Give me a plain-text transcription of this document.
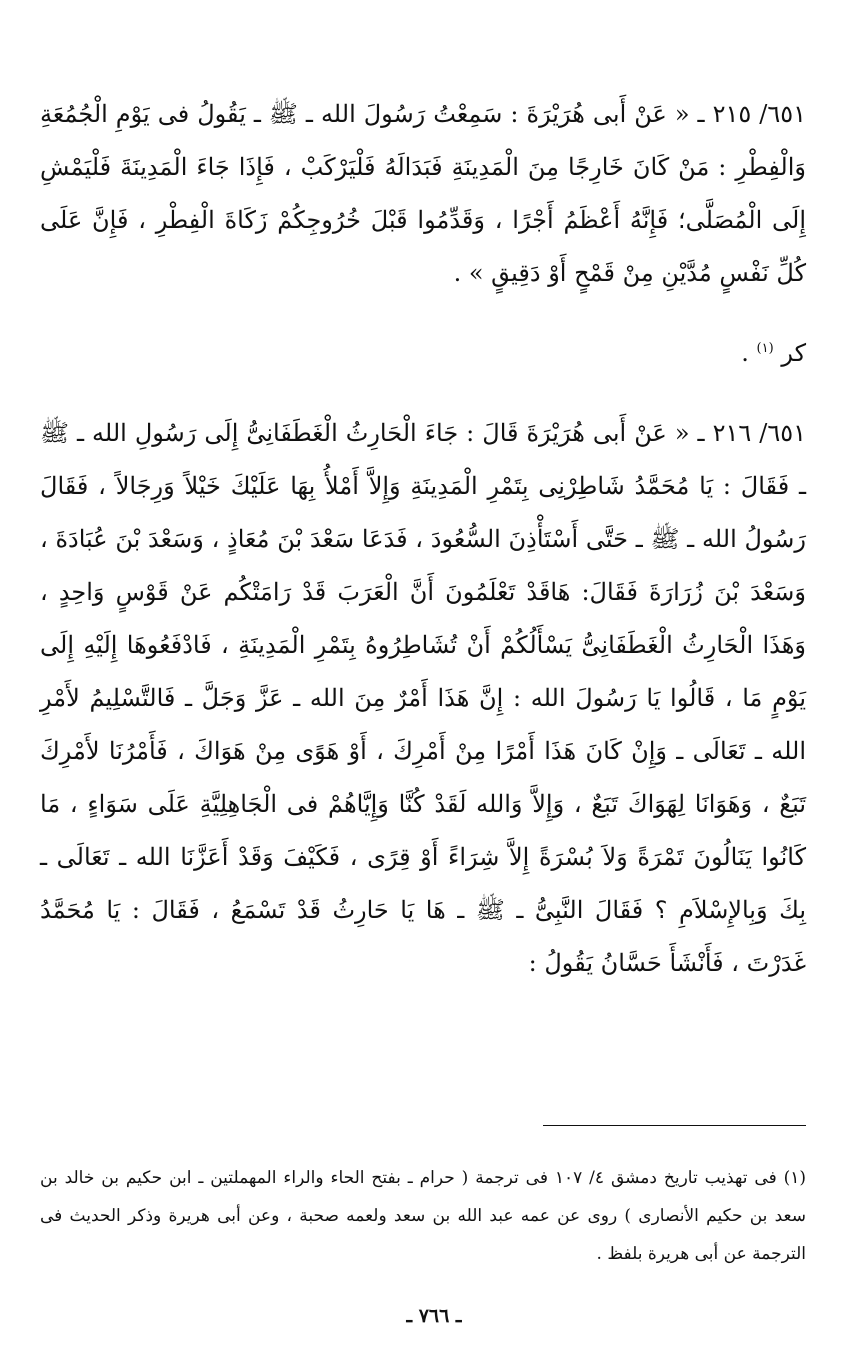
٦٥١/ ٢١٥ ـ « عَنْ أَبى هُرَيْرَةَ : سَمِعْتُ رَسُولَ الله ـ ﷺ ـ يَقُولُ فى يَوْمِ الْجُمُعَةِ وَالْفِطْرِ : مَنْ كَانَ خَارِجًا مِنَ الْمَدِينَةِ فَبَدَالَهُ فَلْيَرْكَبْ ، فَإِذَا جَاءَ الْمَدِينَةَ فَلْيَمْشِ إِلَى الْمُصَلَّى؛ فَإِنَّهُ أَعْظَمُ أَجْرًا ، وَقَدِّمُوا قَبْلَ خُرُوجِكُمْ زَكَاةَ الْفِطْرِ ، فَإِنَّ عَلَى كُلِّ نَفْسٍ مُدَّيْنِ مِنْ قَمْحٍ أَوْ دَقِيقٍ » .

كر $^{(١)}$ .

٦٥١/ ٢١٦ ـ « عَنْ أَبى هُرَيْرَةَ قَالَ : جَاءَ الْحَارِثُ الْغَطَفَانِىُّ إِلَى رَسُولِ الله ـ ﷺ ـ فَقَالَ : يَا مُحَمَّدُ شَاطِرْنِى بِتَمْرِ الْمَدِينَةِ وَإِلاَّ أَمْلأُ بِهَا عَلَيْكَ خَيْلاً وَرِجَالاً ، فَقَالَ رَسُولُ الله ـ ﷺ ـ حَتَّى أَسْتَأْذِنَ السُّعُودَ ، فَدَعَا سَعْدَ بْنَ مُعَاذٍ ، وَسَعْدَ بْنَ عُبَادَةَ ، وَسَعْدَ بْنَ زُرَارَةَ فَقَالَ: هَاقَدْ تَعْلَمُونَ أَنَّ الْعَرَبَ قَدْ رَامَتْكُم عَنْ قَوْسٍ وَاحِدٍ ، وَهَذَا الْحَارِثُ الْغَطَفَانِىُّ يَسْأَلُكُمْ أَنْ تُشَاطِرُوهُ بِتَمْرِ الْمَدِينَةِ ، فَادْفَعُوهَا إِلَيْهِ إِلَى يَوْمٍ مَا ، قَالُوا يَا رَسُولَ الله : إِنَّ هَذَا أَمْرٌ مِنَ الله ـ عَزَّ وَجَلَّ ـ فَالتَّسْلِيمُ لأَمْرِ الله ـ تَعَالَى ـ وَإِنْ كَانَ هَذَا أَمْرًا مِنْ أَمْرِكَ ، أَوْ هَوًى مِنْ هَوَاكَ ، فَأَمْرُنَا لأَمْرِكَ تَبَعٌ ، وَهَوَانَا لِهَوَاكَ تَبَعٌ ، وَإِلاَّ وَالله لَقَدْ كُنَّا وَإِيَّاهُمْ فى الْجَاهِلِيَّةِ عَلَى سَوَاءٍ ، مَا كَانُوا يَنَالُونَ تَمْرَةً وَلاَ بُسْرَةً إِلاَّ شِرَاءً أَوْ قِرًى ، فَكَيْفَ وَقَدْ أَعَزَّنَا الله ـ تَعَالَى ـ بِكَ وَبِالإِسْلاَمِ ؟ فَقَالَ النَّبِىُّ ـ ﷺ ـ هَا يَا حَارِثُ قَدْ تَسْمَعُ ، فَقَالَ : يَا مُحَمَّدُ غَدَرْتَ ، فَأَنْشَأَ حَسَّانُ يَقُولُ :

(١) فى تهذيب تاريخ دمشق ٤/ ١٠٧ فى ترجمة ( حرام ـ بفتح الحاء والراء المهملتين ـ ابن حكيم بن خالد بن سعد بن حكيم الأنصارى ) روى عن عمه عبد الله بن سعد ولعمه صحبة ، وعن أبى هريرة وذكر الحديث فى الترجمة عن أبى هريرة بلفظ .

ـ ٧٦٦ ـ
